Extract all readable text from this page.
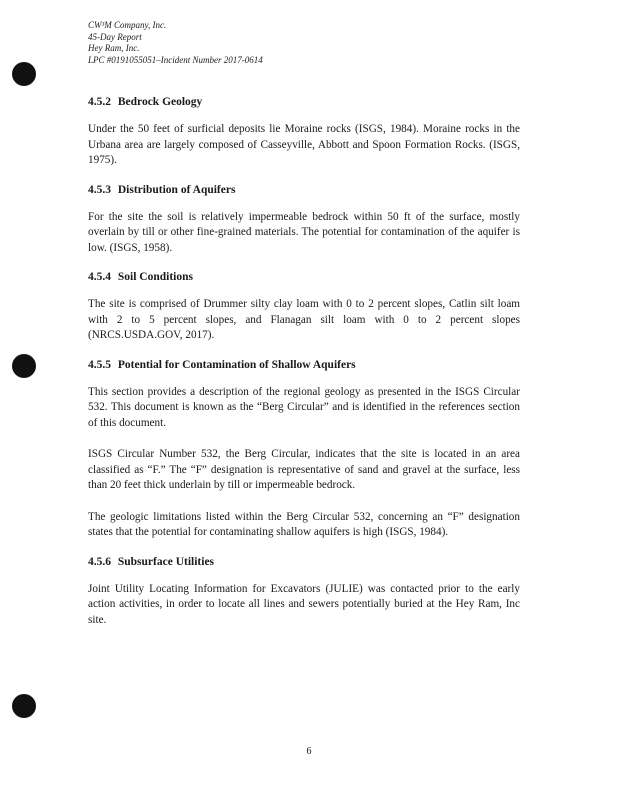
CW³M Company, Inc.
45-Day Report
Hey Ram, Inc.
LPC #0191055051–Incident Number 2017-0614
4.5.2 Bedrock Geology

Under the 50 feet of surficial deposits lie Moraine rocks (ISGS, 1984). Moraine rocks in the Urbana area are largely composed of Casseyville, Abbott and Spoon Formation Rocks. (ISGS, 1975).

4.5.3 Distribution of Aquifers

For the site the soil is relatively impermeable bedrock within 50 ft of the surface, mostly overlain by till or other fine-grained materials. The potential for contamination of the aquifer is low. (ISGS, 1958).

4.5.4 Soil Conditions

The site is comprised of Drummer silty clay loam with 0 to 2 percent slopes, Catlin silt loam with 2 to 5 percent slopes, and Flanagan silt loam with 0 to 2 percent slopes (NRCS.USDA.GOV, 2017).

4.5.5 Potential for Contamination of Shallow Aquifers

This section provides a description of the regional geology as presented in the ISGS Circular 532. This document is known as the “Berg Circular” and is identified in the references section of this document.

ISGS Circular Number 532, the Berg Circular, indicates that the site is located in an area classified as “F.” The “F” designation is representative of sand and gravel at the surface, less than 20 feet thick underlain by till or impermeable bedrock.

The geologic limitations listed within the Berg Circular 532, concerning an “F” designation states that the potential for contaminating shallow aquifers is high (ISGS, 1984).

4.5.6 Subsurface Utilities

Joint Utility Locating Information for Excavators (JULIE) was contacted prior to the early action activities, in order to locate all lines and sewers potentially buried at the Hey Ram, Inc site.

6
